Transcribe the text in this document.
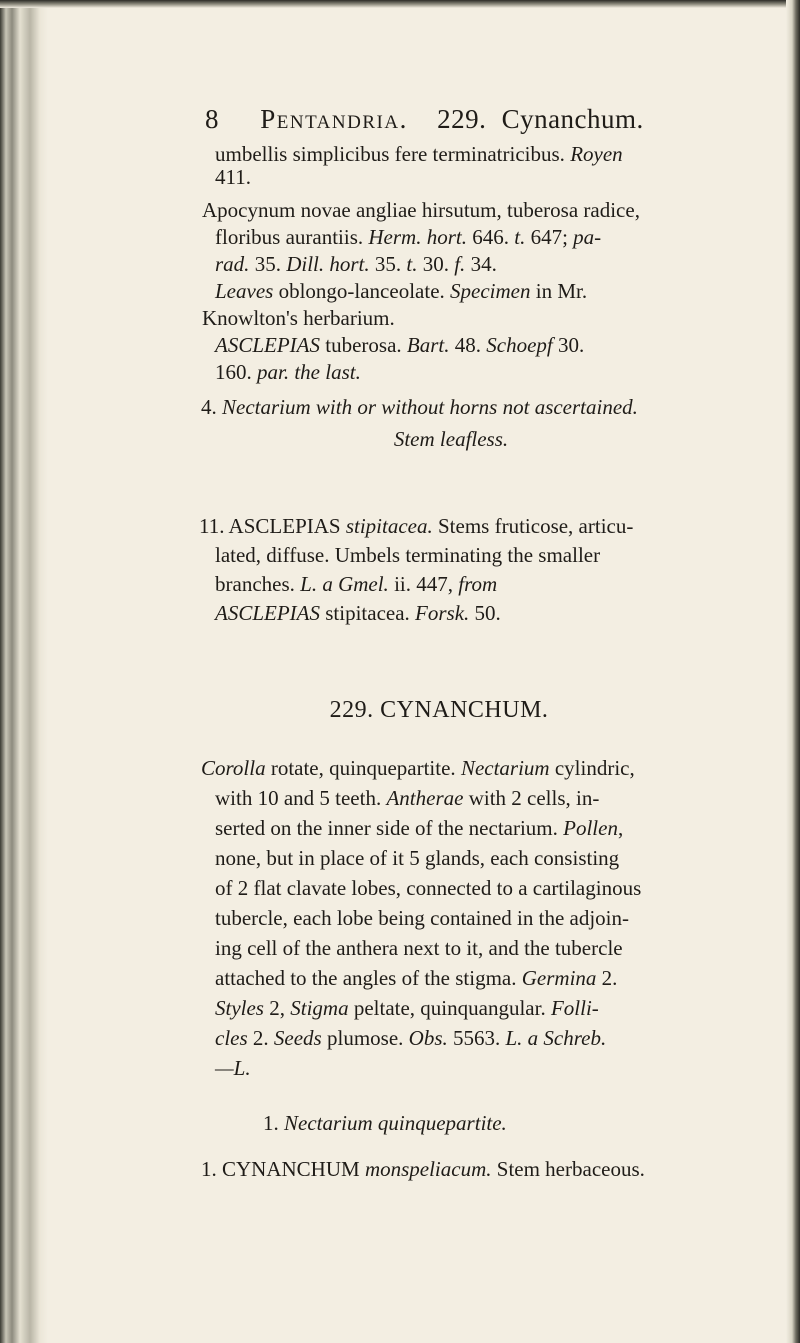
8 Pentandria. 229. Cynanchum.
umbellis simplicibus fere terminatricibus. Royen
411.
Apocynum novae angliae hirsutum, tuberosa radice,
floribus aurantiis. Herm. hort. 646. t. 647; pa-
rad. 35. Dill. hort. 35. t. 30. f. 34.
Leaves oblongo-lanceolate. Specimen in Mr.
Knowlton's herbarium.
ASCLEPIAS tuberosa. Bart. 48. Schoepf 30.
160. par. the last.
4. Nectarium with or without horns not ascertained.
Stem leafless.
11. ASCLEPIAS stipitacea. Stems fruticose, articu-
lated, diffuse. Umbels terminating the smaller
branches. L. a Gmel. ii. 447, from
ASCLEPIAS stipitacea. Forsk. 50.
229. CYNANCHUM.
Corolla rotate, quinquepartite. Nectarium cylindric,
with 10 and 5 teeth. Antherae with 2 cells, in-
serted on the inner side of the nectarium. Pollen,
none, but in place of it 5 glands, each consisting
of 2 flat clavate lobes, connected to a cartilaginous
tubercle, each lobe being contained in the adjoin-
ing cell of the anthera next to it, and the tubercle
attached to the angles of the stigma. Germina 2.
Styles 2, Stigma peltate, quinquangular. Folli-
cles 2. Seeds plumose. Obs. 5563. L. a Schreb.
—L.
1. Nectarium quinquepartite.
1. CYNANCHUM monspeliacum. Stem herbaceous.
